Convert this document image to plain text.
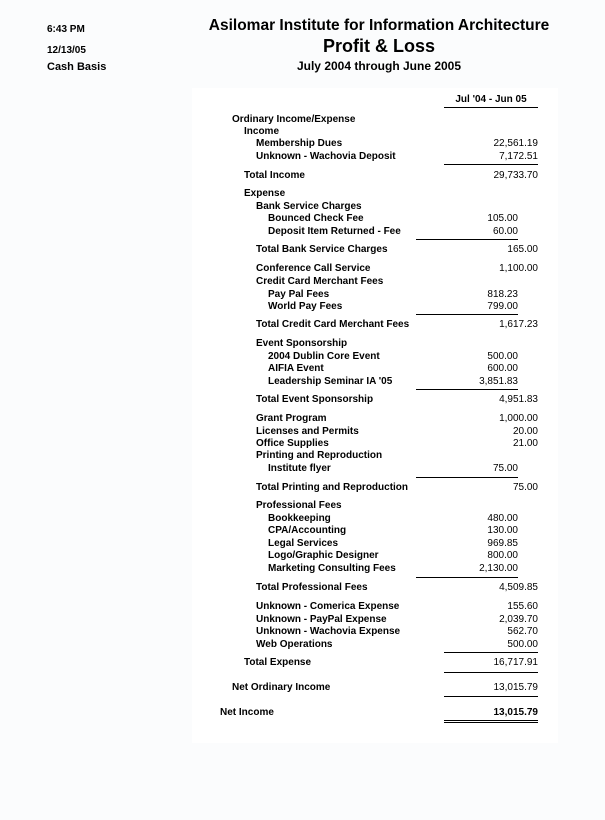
6:43 PM
12/13/05
Cash Basis
Asilomar Institute for Information Architecture
Profit & Loss
July 2004 through June 2005
Jul '04 - Jun 05
Ordinary Income/Expense
Income
Membership Dues	22,561.19
Unknown - Wachovia Deposit	7,172.51
Total Income	29,733.70
Expense
Bank Service Charges
Bounced Check Fee	105.00
Deposit Item Returned - Fee	60.00
Total Bank Service Charges	165.00
Conference Call Service	1,100.00
Credit Card Merchant Fees
Pay Pal Fees	818.23
World Pay Fees	799.00
Total Credit Card Merchant Fees	1,617.23
Event Sponsorship
2004 Dublin Core Event	500.00
AIFIA Event	600.00
Leadership Seminar IA '05	3,851.83
Total Event Sponsorship	4,951.83
Grant Program	1,000.00
Licenses and Permits	20.00
Office Supplies	21.00
Printing and Reproduction
Institute flyer	75.00
Total Printing and Reproduction	75.00
Professional Fees
Bookkeeping	480.00
CPA/Accounting	130.00
Legal Services	969.85
Logo/Graphic Designer	800.00
Marketing Consulting Fees	2,130.00
Total Professional Fees	4,509.85
Unknown - Comerica Expense	155.60
Unknown - PayPal Expense	2,039.70
Unknown - Wachovia Expense	562.70
Web Operations	500.00
Total Expense	16,717.91
Net Ordinary Income	13,015.79
Net Income	13,015.79
